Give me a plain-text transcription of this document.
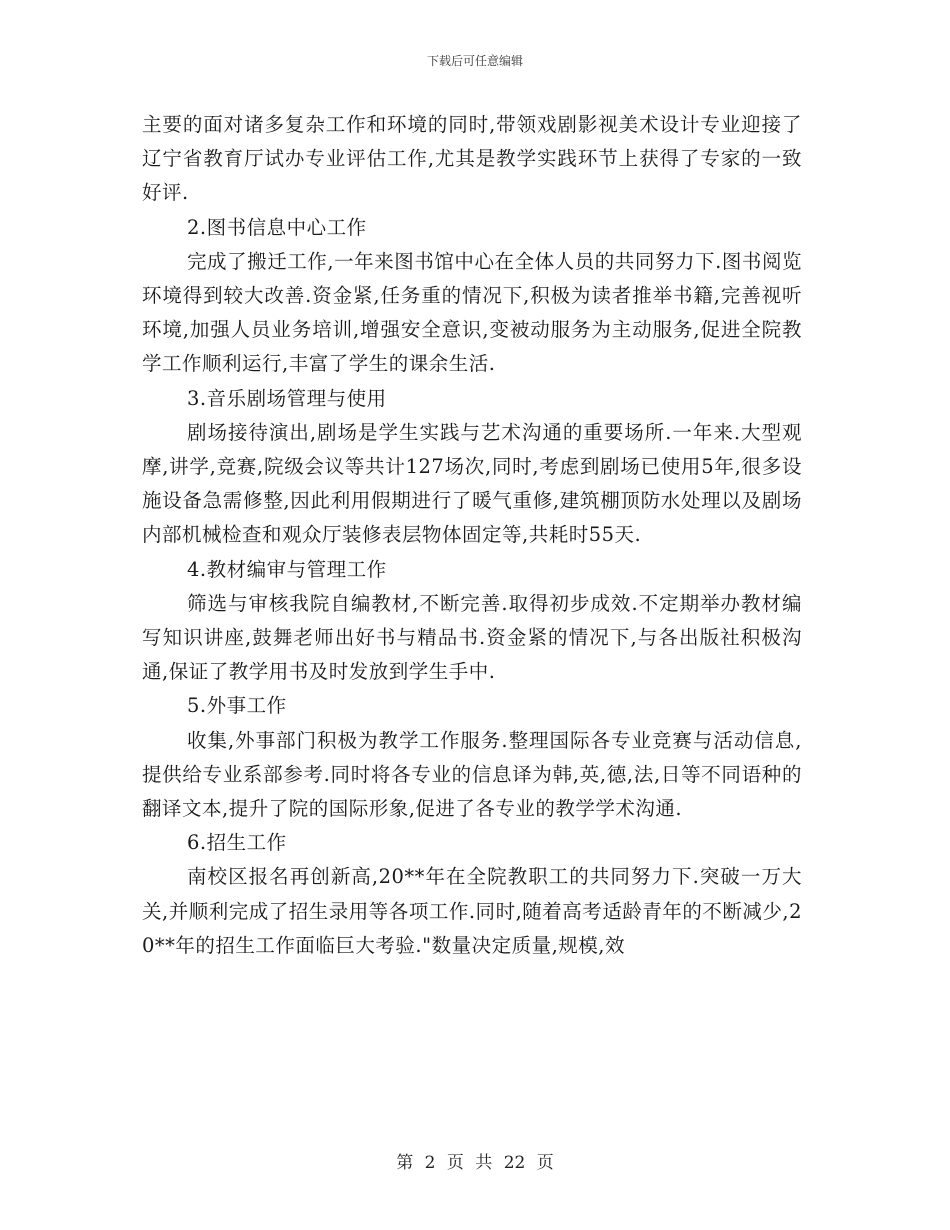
下载后可任意编辑

主要的面对诸多复杂工作和环境的同时,带领戏剧影视美术设计专业迎接了辽宁省教育厅试办专业评估工作,尤其是教学实践环节上获得了专家的一致好评.

2.图书信息中心工作

完成了搬迁工作,一年来图书馆中心在全体人员的共同努力下.图书阅览环境得到较大改善.资金紧,任务重的情况下,积极为读者推举书籍,完善视听环境,加强人员业务培训,增强安全意识,变被动服务为主动服务,促进全院教学工作顺利运行,丰富了学生的课余生活.

3.音乐剧场管理与使用

剧场接待演出,剧场是学生实践与艺术沟通的重要场所.一年来.大型观摩,讲学,竞赛,院级会议等共计127场次,同时,考虑到剧场已使用5年,很多设施设备急需修整,因此利用假期进行了暖气重修,建筑棚顶防水处理以及剧场内部机械检查和观众厅装修表层物体固定等,共耗时55天.

4.教材编审与管理工作

筛选与审核我院自编教材,不断完善.取得初步成效.不定期举办教材编写知识讲座,鼓舞老师出好书与精品书.资金紧的情况下,与各出版社积极沟通,保证了教学用书及时发放到学生手中.

5.外事工作

收集,外事部门积极为教学工作服务.整理国际各专业竞赛与活动信息,提供给专业系部参考.同时将各专业的信息译为韩,英,德,法,日等不同语种的翻译文本,提升了院的国际形象,促进了各专业的教学学术沟通.

6.招生工作

南校区报名再创新高,20**年在全院教职工的共同努力下.突破一万大关,并顺利完成了招生录用等各项工作.同时,随着高考适龄青年的不断减少,20**年的招生工作面临巨大考验."数量决定质量,规模,效

第 2 页 共 22 页
